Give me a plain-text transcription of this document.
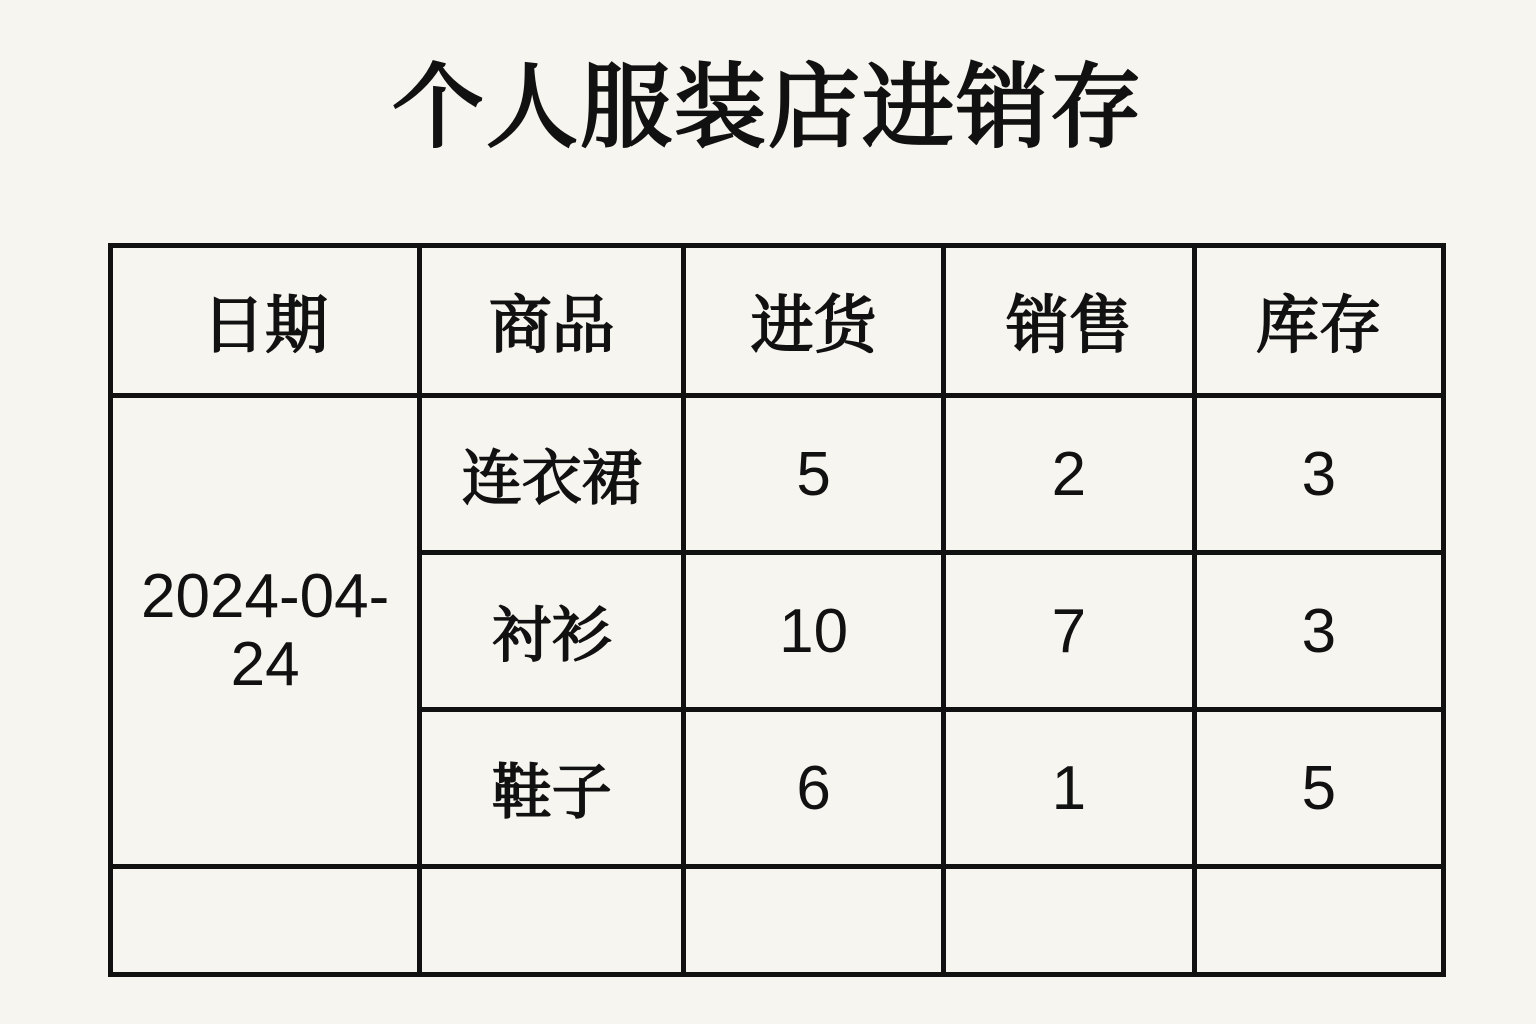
个人服装店进销存
日期	商品	进货	销售	库存
2024-04-24	连衣裙	5	2	3
	衬衫	10	7	3
	鞋子	6	1	5
